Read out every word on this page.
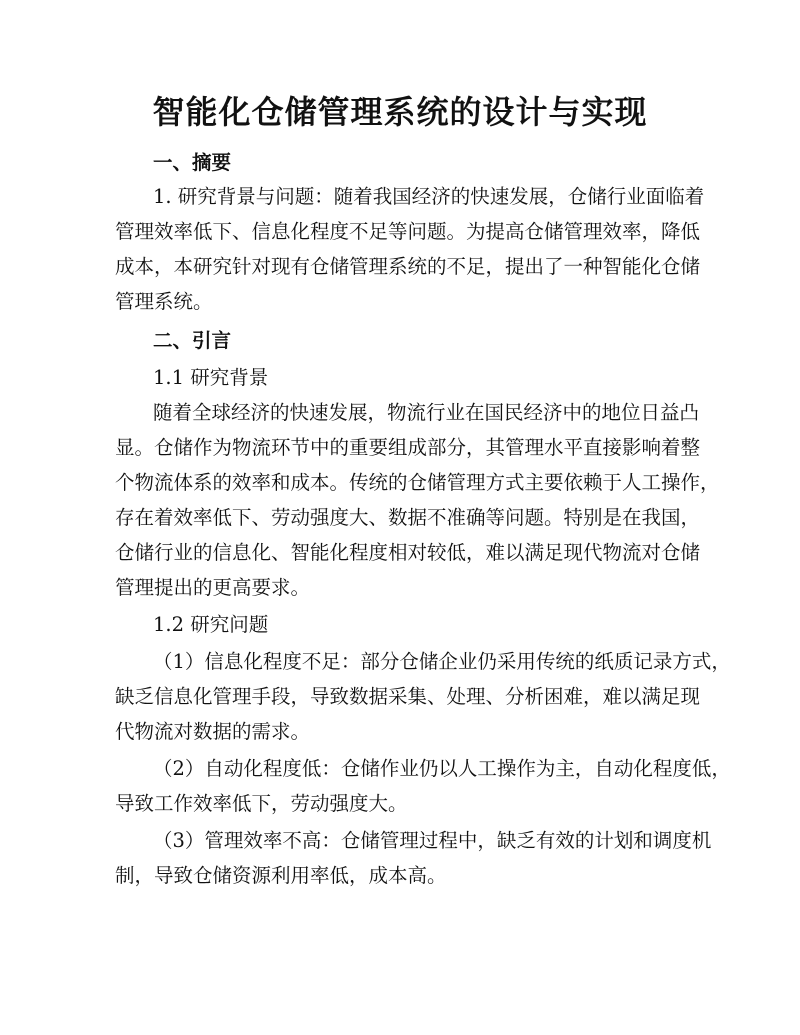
智能化仓储管理系统的设计与实现
一、摘要
1. 研究背景与问题：随着我国经济的快速发展，仓储行业面临着
管理效率低下、信息化程度不足等问题。为提高仓储管理效率，降低
成本，本研究针对现有仓储管理系统的不足，提出了一种智能化仓储
管理系统。
二、引言
1.1 研究背景
随着全球经济的快速发展，物流行业在国民经济中的地位日益凸
显。仓储作为物流环节中的重要组成部分，其管理水平直接影响着整
个物流体系的效率和成本。传统的仓储管理方式主要依赖于人工操作，
存在着效率低下、劳动强度大、数据不准确等问题。特别是在我国，
仓储行业的信息化、智能化程度相对较低，难以满足现代物流对仓储
管理提出的更高要求。
1.2 研究问题
（1）信息化程度不足：部分仓储企业仍采用传统的纸质记录方式，
缺乏信息化管理手段，导致数据采集、处理、分析困难，难以满足现
代物流对数据的需求。
（2）自动化程度低：仓储作业仍以人工操作为主，自动化程度低，
导致工作效率低下，劳动强度大。
（3）管理效率不高：仓储管理过程中，缺乏有效的计划和调度机
制，导致仓储资源利用率低，成本高。
